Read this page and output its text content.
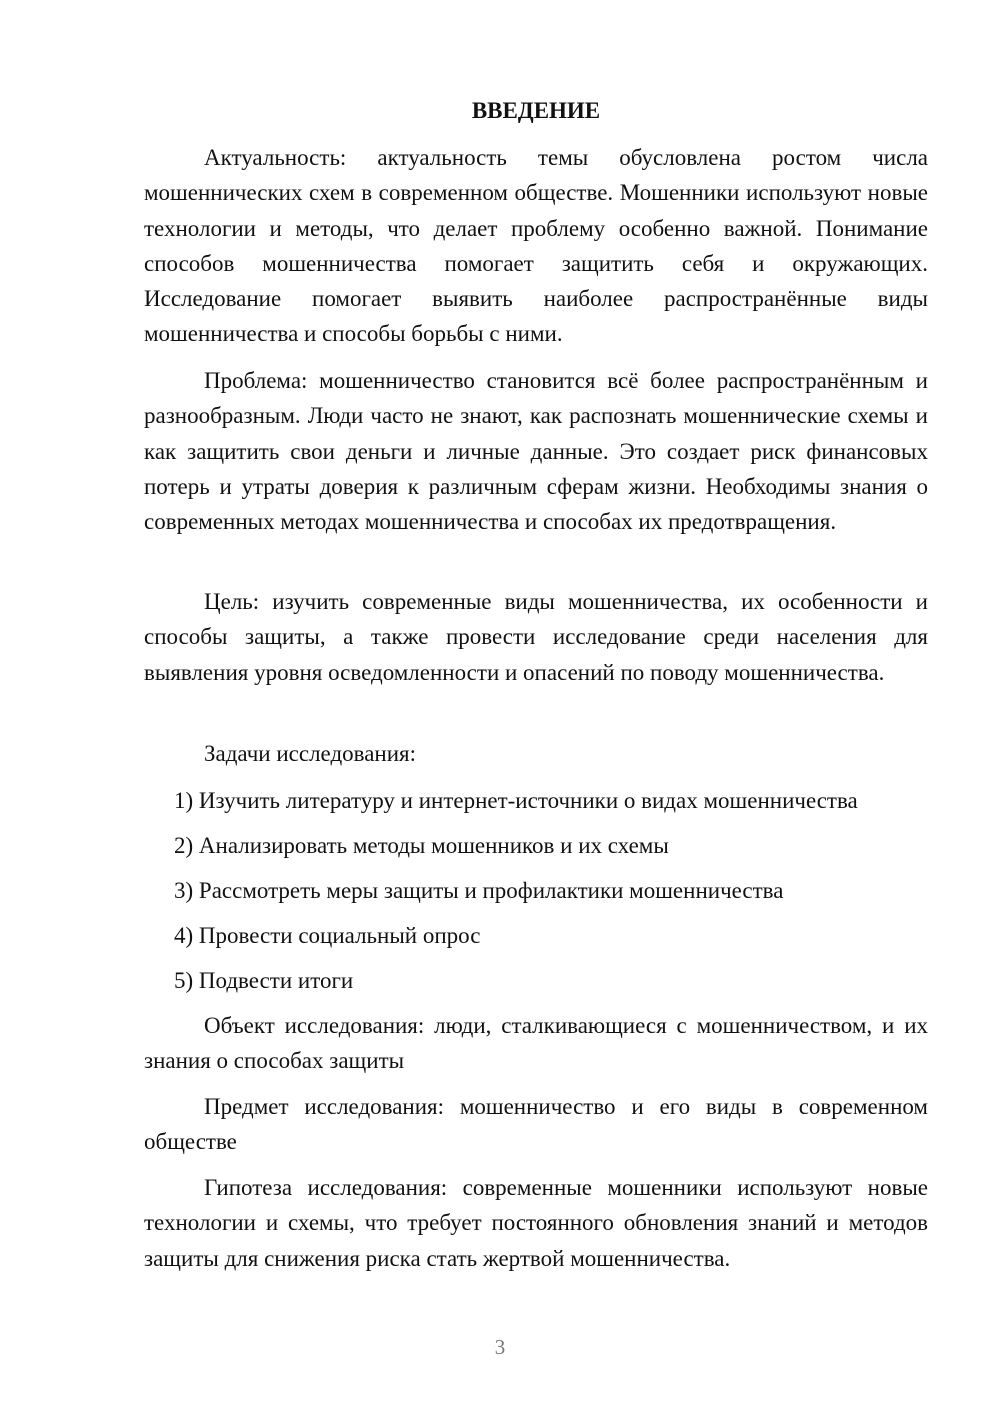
ВВЕДЕНИЕ

Актуальность: актуальность темы обусловлена ростом числа мошеннических схем в современном обществе. Мошенники используют новые технологии и методы, что делает проблему особенно важной. Понимание способов мошенничества помогает защитить себя и окружающих. Исследование помогает выявить наиболее распространённые виды мошенничества и способы борьбы с ними.

Проблема: мошенничество становится всё более распространённым и разнообразным. Люди часто не знают, как распознать мошеннические схемы и как защитить свои деньги и личные данные. Это создает риск финансовых потерь и утраты доверия к различным сферам жизни. Необходимы знания о современных методах мошенничества и способах их предотвращения.

Цель: изучить современные виды мошенничества, их особенности и способы защиты, а также провести исследование среди населения для выявления уровня осведомленности и опасений по поводу мошенничества.

Задачи исследования:

1) Изучить литературу и интернет-источники о видах мошенничества
2) Анализировать методы мошенников и их схемы
3) Рассмотреть меры защиты и профилактики мошенничества
4) Провести социальный опрос
5) Подвести итоги

Объект исследования: люди, сталкивающиеся с мошенничеством, и их знания о способах защиты

Предмет исследования: мошенничество и его виды в современном обществе

Гипотеза исследования: современные мошенники используют новые технологии и схемы, что требует постоянного обновления знаний и методов защиты для снижения риска стать жертвой мошенничества.

3
